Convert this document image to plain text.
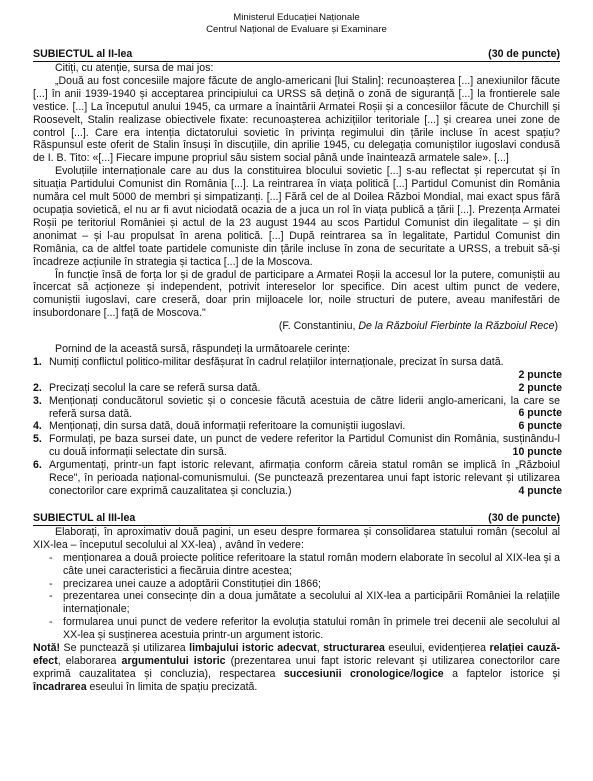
Ministerul Educației Naționale
Centrul Național de Evaluare și Examinare
SUBIECTUL al II-lea	(30 de puncte)

Citiți, cu atenție, sursa de mai jos:

„Două au fost concesiile majore făcute de anglo-americani [lui Stalin]: recunoașterea [...] anexiunilor făcute [...] în anii 1939-1940 și acceptarea principiului ca URSS să dețină o zonă de siguranță [...] la frontierele sale vestice. [...] La începutul anului 1945, ca urmare a înaintării Armatei Roșii și a concesiilor făcute de Churchill și Roosevelt, Stalin realizase obiectivele fixate: recunoașterea achizițiilor teritoriale [...] și crearea unei zone de control [...]. Care era intenția dictatorului sovietic în privința regimului din țările incluse în acest spațiu? Răspunsul este oferit de Stalin însuși în discuțiile, din aprilie 1945, cu delegația comuniștilor iugoslavi condusă de I. B. Tito: «[...] Fiecare impune propriul său sistem social până unde înaintează armatele sale». [...]

Evoluțiile internaționale care au dus la constituirea blocului sovietic [...] s-au reflectat și repercutat și în situația Partidului Comunist din România [...]. La reintrarea în viața politică [...] Partidul Comunist din România număra cel mult 5000 de membri și simpatizanți. [...] Fără cel de al Doilea Război Mondial, mai exact spus fără ocupația sovietică, el nu ar fi avut niciodată ocazia de a juca un rol în viața publică a țării [...]. Prezența Armatei Roșii pe teritoriul României și actul de la 23 august 1944 au scos Partidul Comunist din ilegalitate – și din anonimat – și l-au propulsat în arena politică. [...] După reintrarea sa în legalitate, Partidul Comunist din România, ca de altfel toate partidele comuniste din țările incluse în zona de securitate a URSS, a trebuit să-și încadreze acțiunile în strategia și tactica [...] de la Moscova.

În funcție însă de forța lor și de gradul de participare a Armatei Roșii la accesul lor la putere, comuniștii au încercat să acționeze și independent, potrivit intereselor lor specifice. Din acest ultim punct de vedere, comuniștii iugoslavi, care creseră, doar prin mijloacele lor, noile structuri de putere, aveau manifestări de insubordonare [...] față de Moscova."

(F. Constantiniu, De la Războiul Fierbinte la Războiul Rece)

Pornind de la această sursă, răspundeți la următoarele cerințe:

1. Numiți conflictul politico-militar desfășurat în cadrul relațiilor internaționale, precizat în sursa dată.
2 puncte
2. Precizați secolul la care se referă sursa dată.	2 puncte
3. Menționați conducătorul sovietic și o concesie făcută acestuia de către liderii anglo-americani, la care se referă sursa dată.	6 puncte
4. Menționați, din sursa dată, două informații referitoare la comuniștii iugoslavi.	6 puncte
5. Formulați, pe baza sursei date, un punct de vedere referitor la Partidul Comunist din România, susținându-l cu două informații selectate din sursă.	10 puncte
6. Argumentați, printr-un fapt istoric relevant, afirmația conform căreia statul român se implică în „Războiul Rece", în perioada național-comunismului. (Se punctează prezentarea unui fapt istoric relevant și utilizarea conectorilor care exprimă cauzalitatea și concluzia.)	4 puncte
SUBIECTUL al III-lea	(30 de puncte)

Elaborați, în aproximativ două pagini, un eseu despre formarea și consolidarea statului român (secolul al XIX-lea – începutul secolului al XX-lea) , având în vedere:

- menționarea a două proiecte politice referitoare la statul român modern elaborate în secolul al XIX-lea și a câte unei caracteristici a fiecăruia dintre acestea;
- precizarea unei cauze a adoptării Constituției din 1866;
- prezentarea unei consecințe din a doua jumătate a secolului al XIX-lea a participării României la relațiile internaționale;
- formularea unui punct de vedere referitor la evoluția statului român în primele trei decenii ale secolului al XX-lea și susținerea acestuia printr-un argument istoric.

Notă! Se punctează și utilizarea limbajului istoric adecvat, structurarea eseului, evidențierea relației cauză-efect, elaborarea argumentului istoric (prezentarea unui fapt istoric relevant și utilizarea conectorilor care exprimă cauzalitatea și concluzia), respectarea succesiunii cronologice/logice a faptelor istorice și încadrarea eseului în limita de spațiu precizată.
